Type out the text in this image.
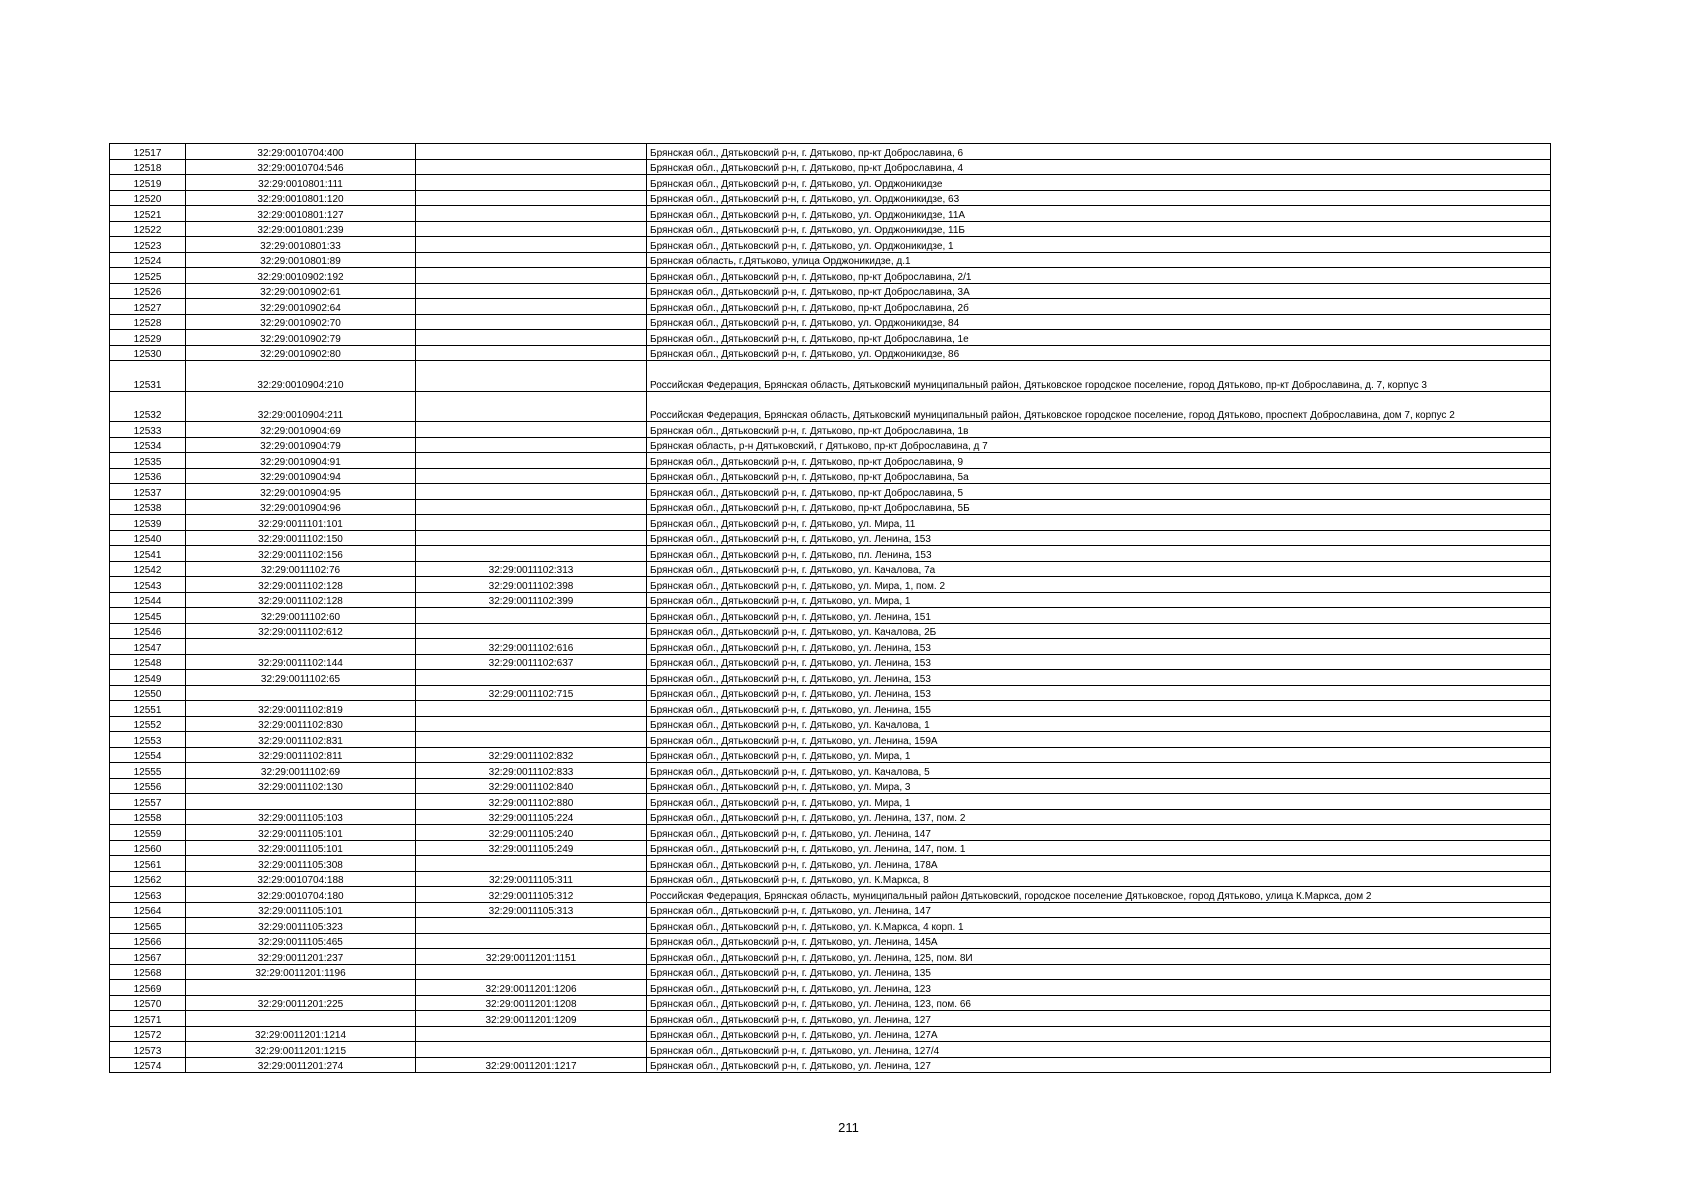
12517	32:29:0010704:400		Брянская обл., Дятьковский р-н, г. Дятьково, пр-кт Доброславина, 6
12518	32:29:0010704:546		Брянская обл., Дятьковский р-н, г. Дятьково, пр-кт Доброславина, 4
12519	32:29:0010801:111		Брянская обл., Дятьковский р-н, г. Дятьково, ул. Орджоникидзе
12520	32:29:0010801:120		Брянская обл., Дятьковский р-н, г. Дятьково, ул. Орджоникидзе, 63
12521	32:29:0010801:127		Брянская обл., Дятьковский р-н, г. Дятьково, ул. Орджоникидзе, 11А
12522	32:29:0010801:239		Брянская обл., Дятьковский р-н, г. Дятьково, ул. Орджоникидзе, 11Б
12523	32:29:0010801:33		Брянская обл., Дятьковский р-н, г. Дятьково, ул. Орджоникидзе, 1
12524	32:29:0010801:89		Брянская область, г.Дятьково, улица Орджоникидзе, д.1
12525	32:29:0010902:192		Брянская обл., Дятьковский р-н, г. Дятьково, пр-кт Доброславина, 2/1
12526	32:29:0010902:61		Брянская обл., Дятьковский р-н, г. Дятьково, пр-кт Доброславина, 3А
12527	32:29:0010902:64		Брянская обл., Дятьковский р-н, г. Дятьково, пр-кт Доброславина, 2б
12528	32:29:0010902:70		Брянская обл., Дятьковский р-н, г. Дятьково, ул. Орджоникидзе, 84
12529	32:29:0010902:79		Брянская обл., Дятьковский р-н, г. Дятьково, пр-кт Доброславина, 1е
12530	32:29:0010902:80		Брянская обл., Дятьковский р-н, г. Дятьково, ул. Орджоникидзе, 86
12531	32:29:0010904:210		Российская Федерация, Брянская область, Дятьковский муниципальный район, Дятьковское городское поселение, город Дятьково, пр-кт Доброславина, д. 7, корпус 3
12532	32:29:0010904:211		Российская Федерация, Брянская область, Дятьковский муниципальный район, Дятьковское городское поселение, город Дятьково, проспект Доброславина, дом 7, корпус 2
12533	32:29:0010904:69		Брянская обл., Дятьковский р-н, г. Дятьково, пр-кт Доброславина, 1в
12534	32:29:0010904:79		Брянская область, р-н Дятьковский, г Дятьково, пр-кт Доброславина, д 7
12535	32:29:0010904:91		Брянская обл., Дятьковский р-н, г. Дятьково, пр-кт Доброславина, 9
12536	32:29:0010904:94		Брянская обл., Дятьковский р-н, г. Дятьково, пр-кт Доброславина, 5а
12537	32:29:0010904:95		Брянская обл., Дятьковский р-н, г. Дятьково, пр-кт Доброславина, 5
12538	32:29:0010904:96		Брянская обл., Дятьковский р-н, г. Дятьково, пр-кт Доброславина, 5Б
12539	32:29:0011101:101		Брянская обл., Дятьковский р-н, г. Дятьково, ул. Мира, 11
12540	32:29:0011102:150		Брянская обл., Дятьковский р-н, г. Дятьково, ул. Ленина, 153
12541	32:29:0011102:156		Брянская обл., Дятьковский р-н, г. Дятьково, пл. Ленина, 153
12542	32:29:0011102:76	32:29:0011102:313	Брянская обл., Дятьковский р-н, г. Дятьково, ул. Качалова, 7а
12543	32:29:0011102:128	32:29:0011102:398	Брянская обл., Дятьковский р-н, г. Дятьково, ул. Мира, 1, пом. 2
12544	32:29:0011102:128	32:29:0011102:399	Брянская обл., Дятьковский р-н, г. Дятьково, ул. Мира, 1
12545	32:29:0011102:60		Брянская обл., Дятьковский р-н, г. Дятьково, ул. Ленина, 151
12546	32:29:0011102:612		Брянская обл., Дятьковский р-н, г. Дятьково, ул. Качалова, 2Б
12547		32:29:0011102:616	Брянская обл., Дятьковский р-н, г. Дятьково, ул. Ленина, 153
12548	32:29:0011102:144	32:29:0011102:637	Брянская обл., Дятьковский р-н, г. Дятьково, ул. Ленина, 153
12549	32:29:0011102:65		Брянская обл., Дятьковский р-н, г. Дятьково, ул. Ленина, 153
12550		32:29:0011102:715	Брянская обл., Дятьковский р-н, г. Дятьково, ул. Ленина, 153
12551	32:29:0011102:819		Брянская обл., Дятьковский р-н, г. Дятьково, ул. Ленина, 155
12552	32:29:0011102:830		Брянская обл., Дятьковский р-н, г. Дятьково, ул. Качалова, 1
12553	32:29:0011102:831		Брянская обл., Дятьковский р-н, г. Дятьково, ул. Ленина, 159А
12554	32:29:0011102:811	32:29:0011102:832	Брянская обл., Дятьковский р-н, г. Дятьково, ул. Мира, 1
12555	32:29:0011102:69	32:29:0011102:833	Брянская обл., Дятьковский р-н, г. Дятьково, ул. Качалова, 5
12556	32:29:0011102:130	32:29:0011102:840	Брянская обл., Дятьковский р-н, г. Дятьково, ул. Мира, 3
12557		32:29:0011102:880	Брянская обл., Дятьковский р-н, г. Дятьково, ул. Мира, 1
12558	32:29:0011105:103	32:29:0011105:224	Брянская обл., Дятьковский р-н, г. Дятьково, ул. Ленина, 137, пом. 2
12559	32:29:0011105:101	32:29:0011105:240	Брянская обл., Дятьковский р-н, г. Дятьково, ул. Ленина, 147
12560	32:29:0011105:101	32:29:0011105:249	Брянская обл., Дятьковский р-н, г. Дятьково, ул. Ленина, 147, пом. 1
12561	32:29:0011105:308		Брянская обл., Дятьковский р-н, г. Дятьково, ул. Ленина, 178А
12562	32:29:0010704:188	32:29:0011105:311	Брянская обл., Дятьковский р-н, г. Дятьково, ул. К.Маркса, 8
12563	32:29:0010704:180	32:29:0011105:312	Российская Федерация, Брянская область, муниципальный район Дятьковский, городское поселение Дятьковское, город Дятьково, улица К.Маркса, дом 2
12564	32:29:0011105:101	32:29:0011105:313	Брянская обл., Дятьковский р-н, г. Дятьково, ул. Ленина, 147
12565	32:29:0011105:323		Брянская обл., Дятьковский р-н, г. Дятьково, ул. К.Маркса, 4 корп. 1
12566	32:29:0011105:465		Брянская обл., Дятьковский р-н, г. Дятьково, ул. Ленина, 145А
12567	32:29:0011201:237	32:29:0011201:1151	Брянская обл., Дятьковский р-н, г. Дятьково, ул. Ленина, 125, пом. 8И
12568	32:29:0011201:1196		Брянская обл., Дятьковский р-н, г. Дятьково, ул. Ленина, 135
12569		32:29:0011201:1206	Брянская обл., Дятьковский р-н, г. Дятьково, ул. Ленина, 123
12570	32:29:0011201:225	32:29:0011201:1208	Брянская обл., Дятьковский р-н, г. Дятьково, ул. Ленина, 123, пом. 66
12571		32:29:0011201:1209	Брянская обл., Дятьковский р-н, г. Дятьково, ул. Ленина, 127
12572	32:29:0011201:1214		Брянская обл., Дятьковский р-н, г. Дятьково, ул. Ленина, 127А
12573	32:29:0011201:1215		Брянская обл., Дятьковский р-н, г. Дятьково, ул. Ленина, 127/4
12574	32:29:0011201:274	32:29:0011201:1217	Брянская обл., Дятьковский р-н, г. Дятьково, ул. Ленина, 127
211
